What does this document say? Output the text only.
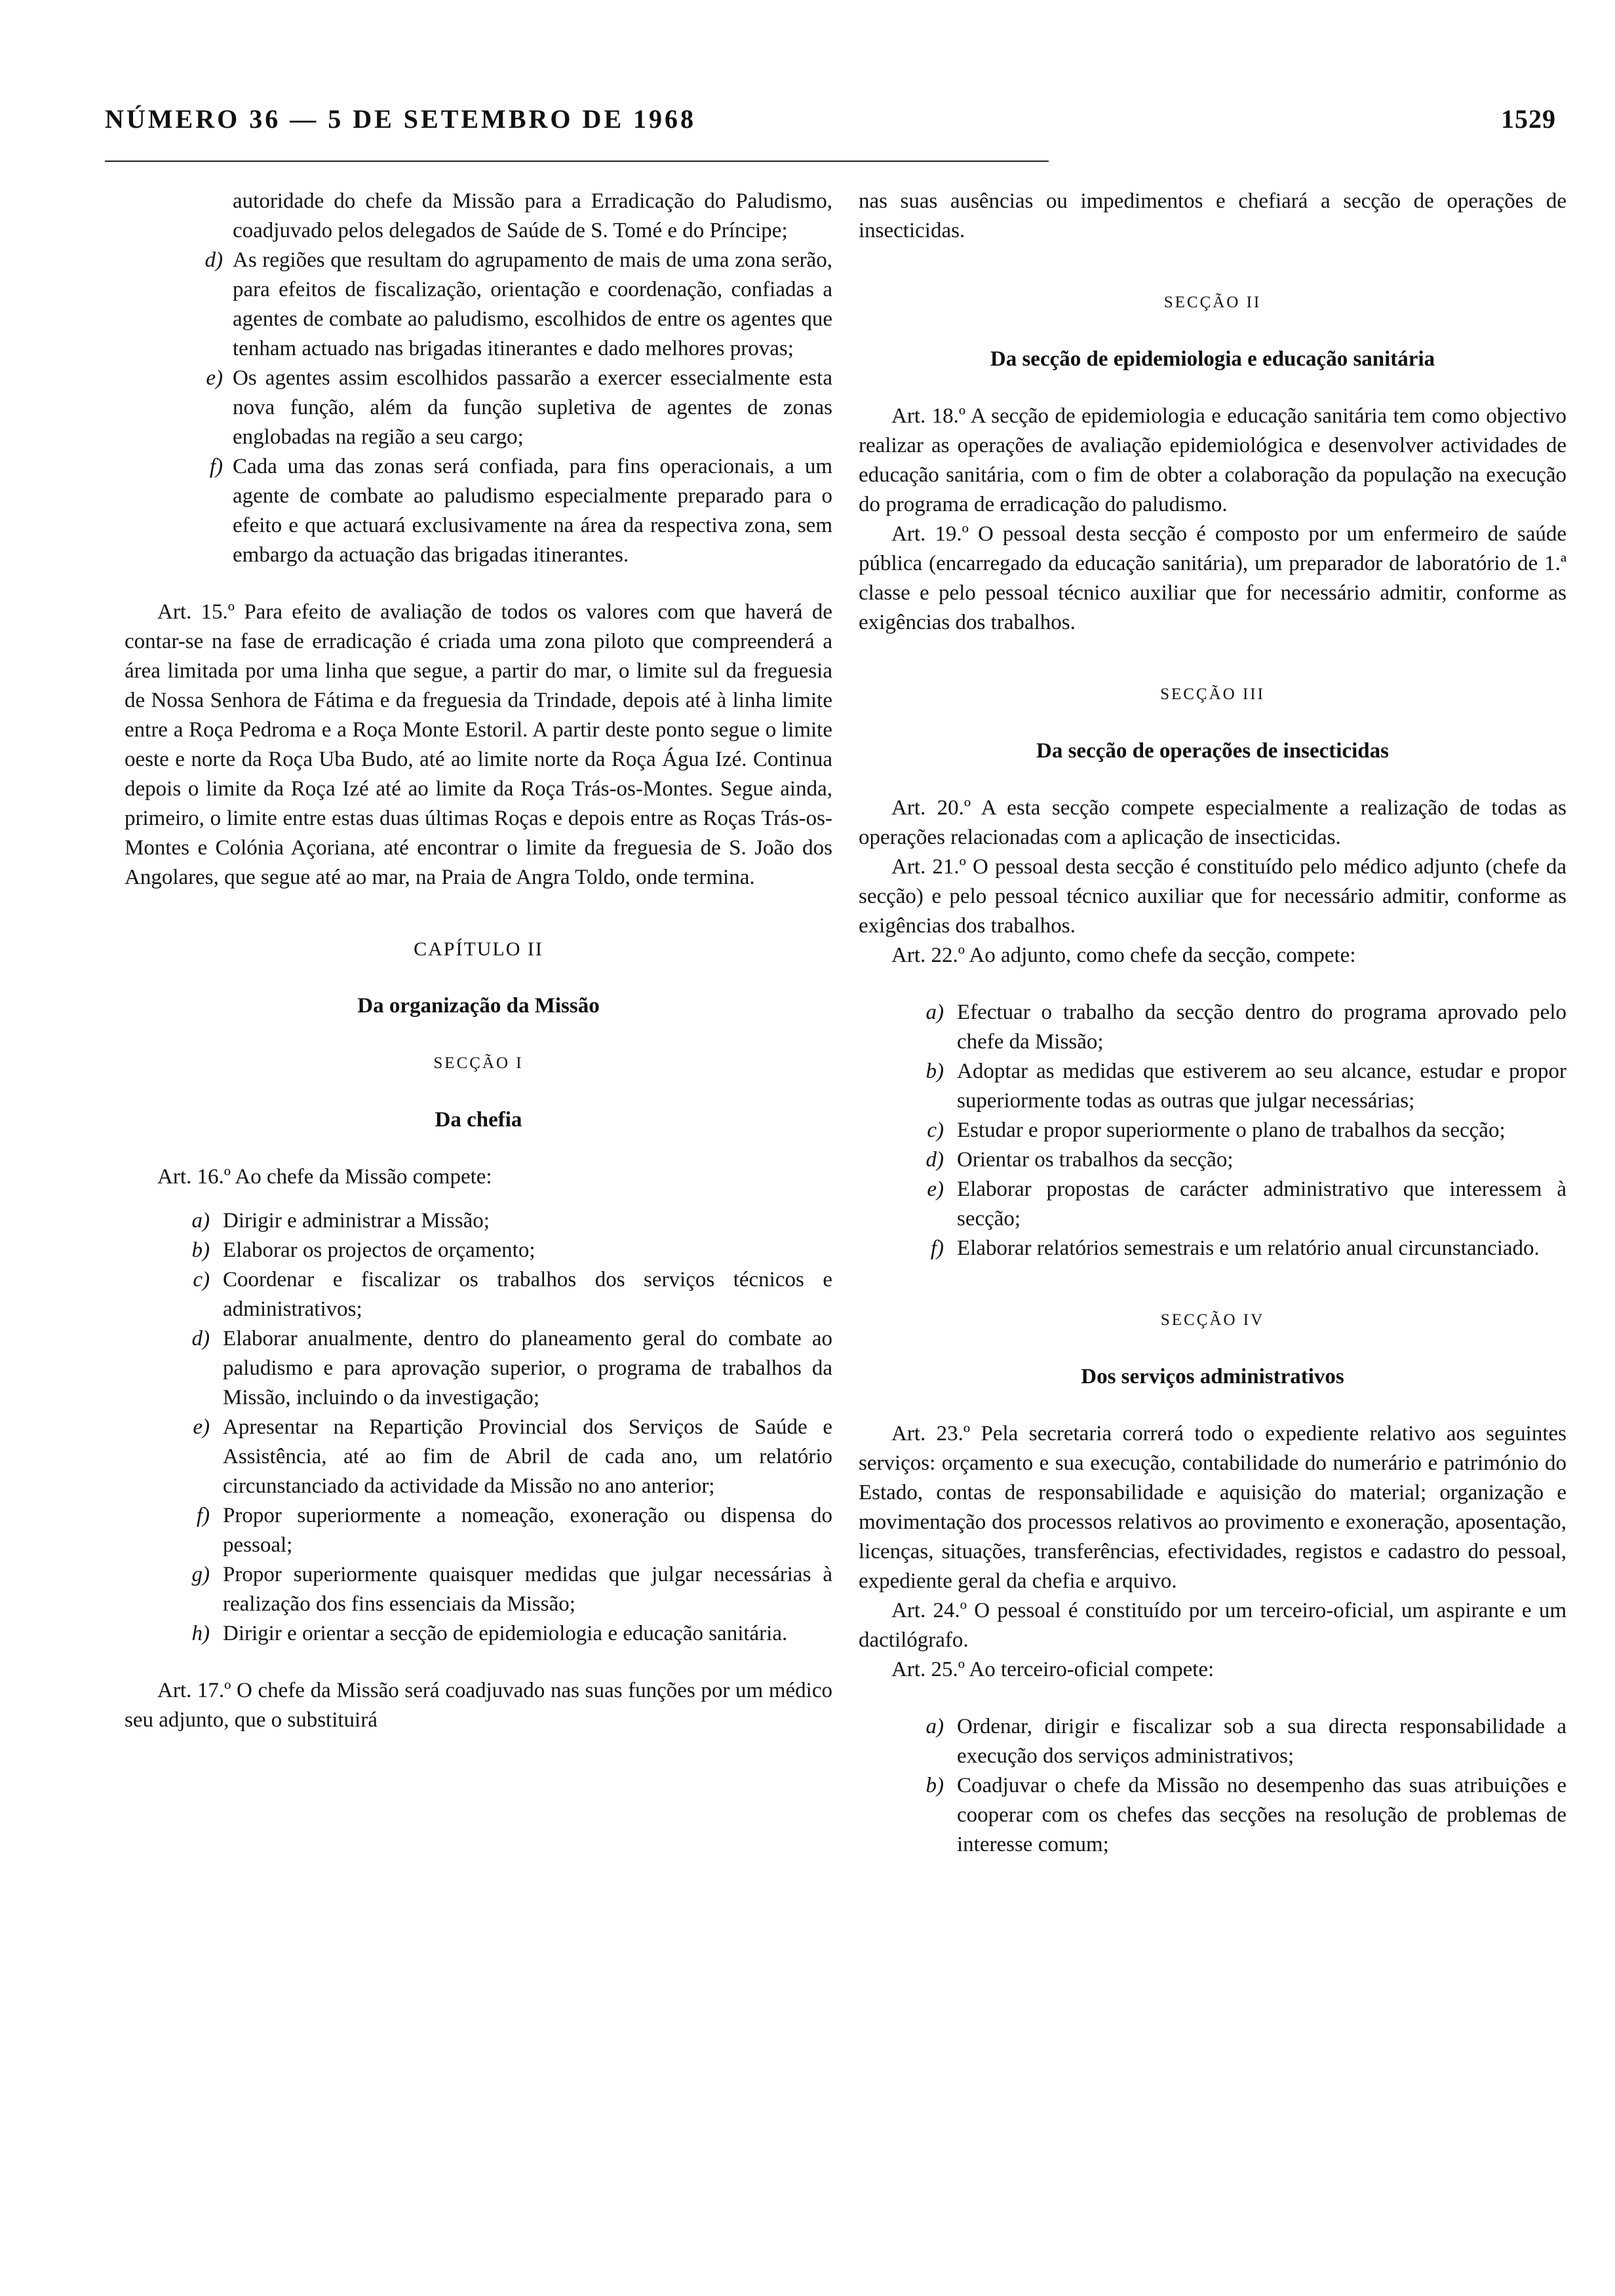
NÚMERO 36 — 5 DE SETEMBRO DE 1968	1529

autoridade do chefe da Missão para a Erradicação do Paludismo, coadjuvado pelos delegados de Saúde de S. Tomé e do Príncipe;

d) As regiões que resultam do agrupamento de mais de uma zona serão, para efeitos de fiscalização, orientação e coordenação, confiadas a agentes de combate ao paludismo, escolhidos de entre os agentes que tenham actuado nas brigadas itinerantes e dado melhores provas;

e) Os agentes assim escolhidos passarão a exercer essecialmente esta nova função, além da função supletiva de agentes de zonas englobadas na região a seu cargo;

f) Cada uma das zonas será confiada, para fins operacionais, a um agente de combate ao paludismo especialmente preparado para o efeito e que actuará exclusivamente na área da respectiva zona, sem embargo da actuação das brigadas itinerantes.

Art. 15.º Para efeito de avaliação de todos os valores com que haverá de contar-se na fase de erradicação é criada uma zona piloto que compreenderá a área limitada por uma linha que segue, a partir do mar, o limite sul da freguesia de Nossa Senhora de Fátima e da freguesia da Trindade, depois até à linha limite entre a Roça Pedroma e a Roça Monte Estoril. A partir deste ponto segue o limite oeste e norte da Roça Uba Budo, até ao limite norte da Roça Água Izé. Continua depois o limite da Roça Izé até ao limite da Roça Trás-os-Montes. Segue ainda, primeiro, o limite entre estas duas últimas Roças e depois entre as Roças Trás-os-Montes e Colónia Açoriana, até encontrar o limite da freguesia de S. João dos Angolares, que segue até ao mar, na Praia de Angra Toldo, onde termina.

CAPÍTULO II

Da organização da Missão

SECÇÃO I

Da chefia

Art. 16.º Ao chefe da Missão compete:

a) Dirigir e administrar a Missão;

b) Elaborar os projectos de orçamento;

c) Coordenar e fiscalizar os trabalhos dos serviços técnicos e administrativos;

d) Elaborar anualmente, dentro do planeamento geral do combate ao paludismo e para aprovação superior, o programa de trabalhos da Missão, incluindo o da investigação;

e) Apresentar na Repartição Provincial dos Serviços de Saúde e Assistência, até ao fim de Abril de cada ano, um relatório circunstanciado da actividade da Missão no ano anterior;

f) Propor superiormente a nomeação, exoneração ou dispensa do pessoal;

g) Propor superiormente quaisquer medidas que julgar necessárias à realização dos fins essenciais da Missão;

h) Dirigir e orientar a secção de epidemiologia e educação sanitária.

Art. 17.º O chefe da Missão será coadjuvado nas suas funções por um médico seu adjunto, que o substituirá

nas suas ausências ou impedimentos e chefiará a secção de operações de insecticidas.

SECÇÃO II

Da secção de epidemiologia e educação sanitária

Art. 18.º A secção de epidemiologia e educação sanitária tem como objectivo realizar as operações de avaliação epidemiológica e desenvolver actividades de educação sanitária, com o fim de obter a colaboração da população na execução do programa de erradicação do paludismo.

Art. 19.º O pessoal desta secção é composto por um enfermeiro de saúde pública (encarregado da educação sanitária), um preparador de laboratório de 1.ª classe e pelo pessoal técnico auxiliar que for necessário admitir, conforme as exigências dos trabalhos.

SECÇÃO III

Da secção de operações de insecticidas

Art. 20.º A esta secção compete especialmente a realização de todas as operações relacionadas com a aplicação de insecticidas.

Art. 21.º O pessoal desta secção é constituído pelo médico adjunto (chefe da secção) e pelo pessoal técnico auxiliar que for necessário admitir, conforme as exigências dos trabalhos.

Art. 22.º Ao adjunto, como chefe da secção, compete:

a) Efectuar o trabalho da secção dentro do programa aprovado pelo chefe da Missão;

b) Adoptar as medidas que estiverem ao seu alcance, estudar e propor superiormente todas as outras que julgar necessárias;

c) Estudar e propor superiormente o plano de trabalhos da secção;

d) Orientar os trabalhos da secção;

e) Elaborar propostas de carácter administrativo que interessem à secção;

f) Elaborar relatórios semestrais e um relatório anual circunstanciado.

SECÇÃO IV

Dos serviços administrativos

Art. 23.º Pela secretaria correrá todo o expediente relativo aos seguintes serviços: orçamento e sua execução, contabilidade do numerário e património do Estado, contas de responsabilidade e aquisição do material; organização e movimentação dos processos relativos ao provimento e exoneração, aposentação, licenças, situações, transferências, efectividades, registos e cadastro do pessoal, expediente geral da chefia e arquivo.

Art. 24.º O pessoal é constituído por um terceiro-oficial, um aspirante e um dactilógrafo.

Art. 25.º Ao terceiro-oficial compete:

a) Ordenar, dirigir e fiscalizar sob a sua directa responsabilidade a execução dos serviços administrativos;

b) Coadjuvar o chefe da Missão no desempenho das suas atribuições e cooperar com os chefes das secções na resolução de problemas de interesse comum;
